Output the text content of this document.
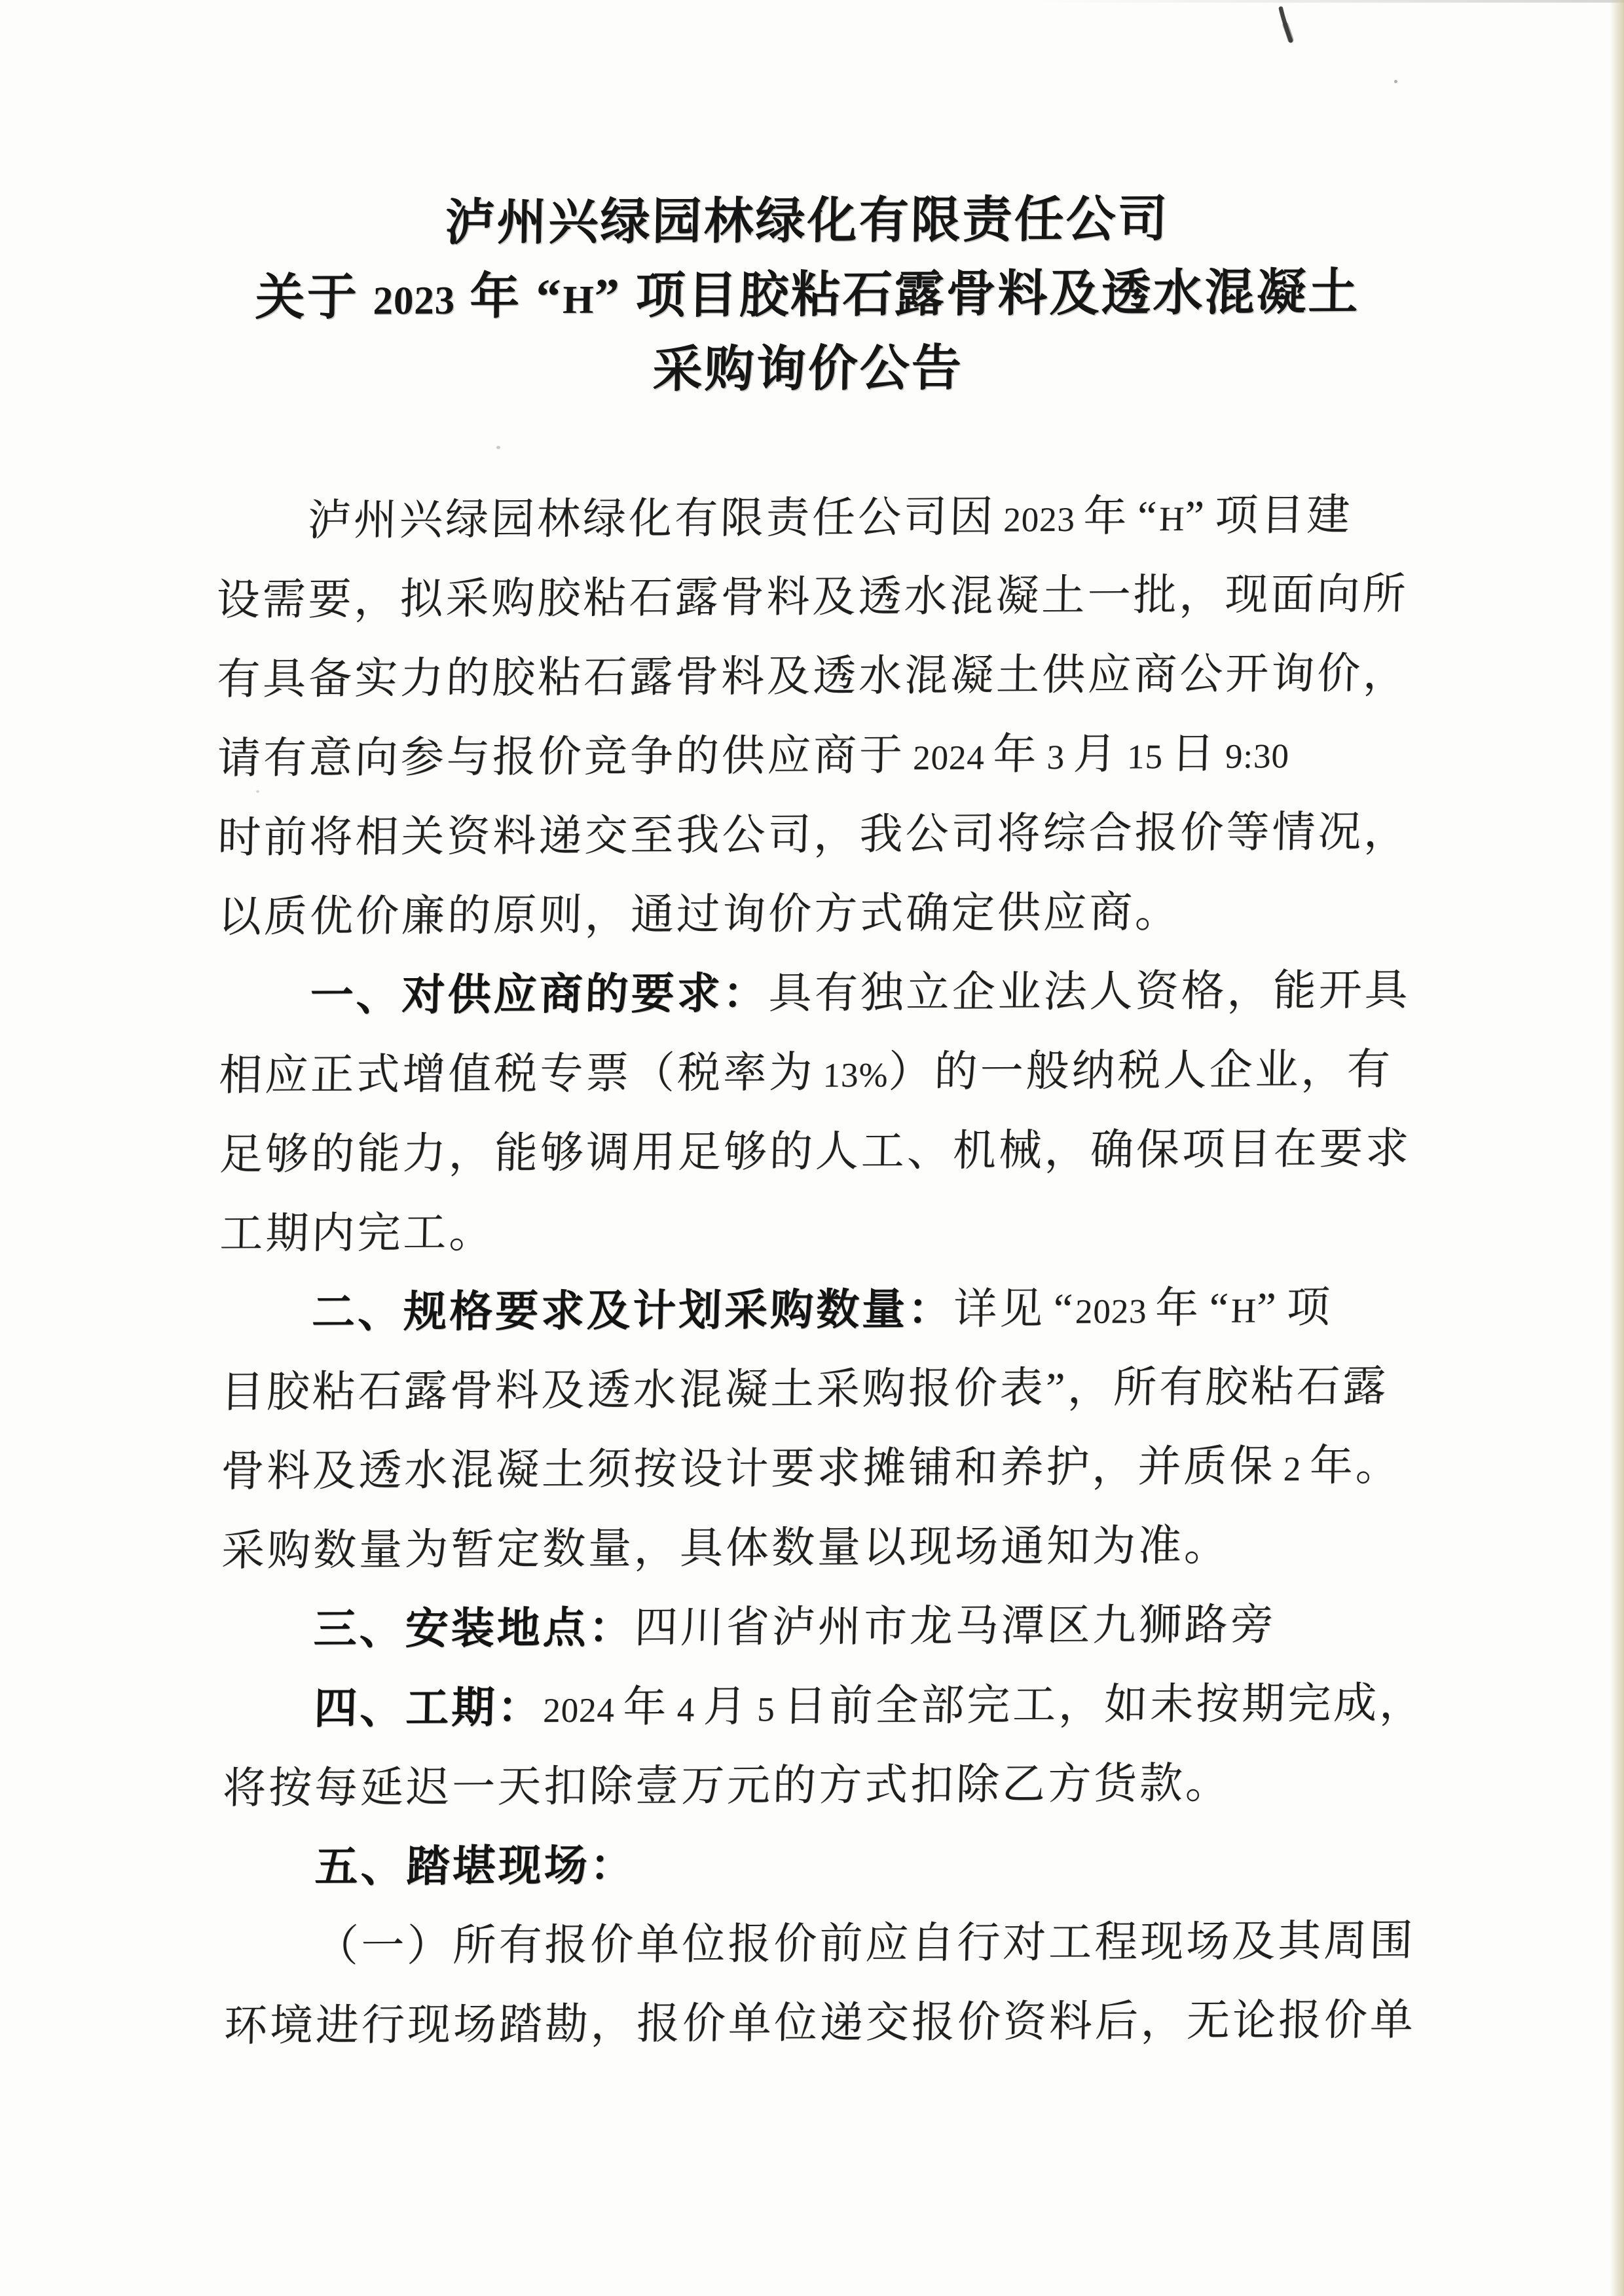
泸州兴绿园林绿化有限责任公司
关于 2023 年 “H” 项目胶粘石露骨料及透水混凝土
采购询价公告
泸州兴绿园林绿化有限责任公司因 2023 年 “H” 项目建
设需要，拟采购胶粘石露骨料及透水混凝土一批，现面向所
有具备实力的胶粘石露骨料及透水混凝土供应商公开询价，
请有意向参与报价竞争的供应商于 2024 年 3 月 15 日 9:30
时前将相关资料递交至我公司，我公司将综合报价等情况，
以质优价廉的原则，通过询价方式确定供应商。
一、对供应商的要求：具有独立企业法人资格，能开具
相应正式增值税专票（税率为 13%）的一般纳税人企业，有
足够的能力，能够调用足够的人工、机械，确保项目在要求
工期内完工。
二、规格要求及计划采购数量：详见 “2023 年 “H” 项
目胶粘石露骨料及透水混凝土采购报价表”，所有胶粘石露
骨料及透水混凝土须按设计要求摊铺和养护，并质保 2 年。
采购数量为暂定数量，具体数量以现场通知为准。
三、安装地点：四川省泸州市龙马潭区九狮路旁
四、工期：2024 年 4 月 5 日前全部完工，如未按期完成，
将按每延迟一天扣除壹万元的方式扣除乙方货款。
五、踏堪现场：
（一）所有报价单位报价前应自行对工程现场及其周围
环境进行现场踏勘，报价单位递交报价资料后，无论报价单
